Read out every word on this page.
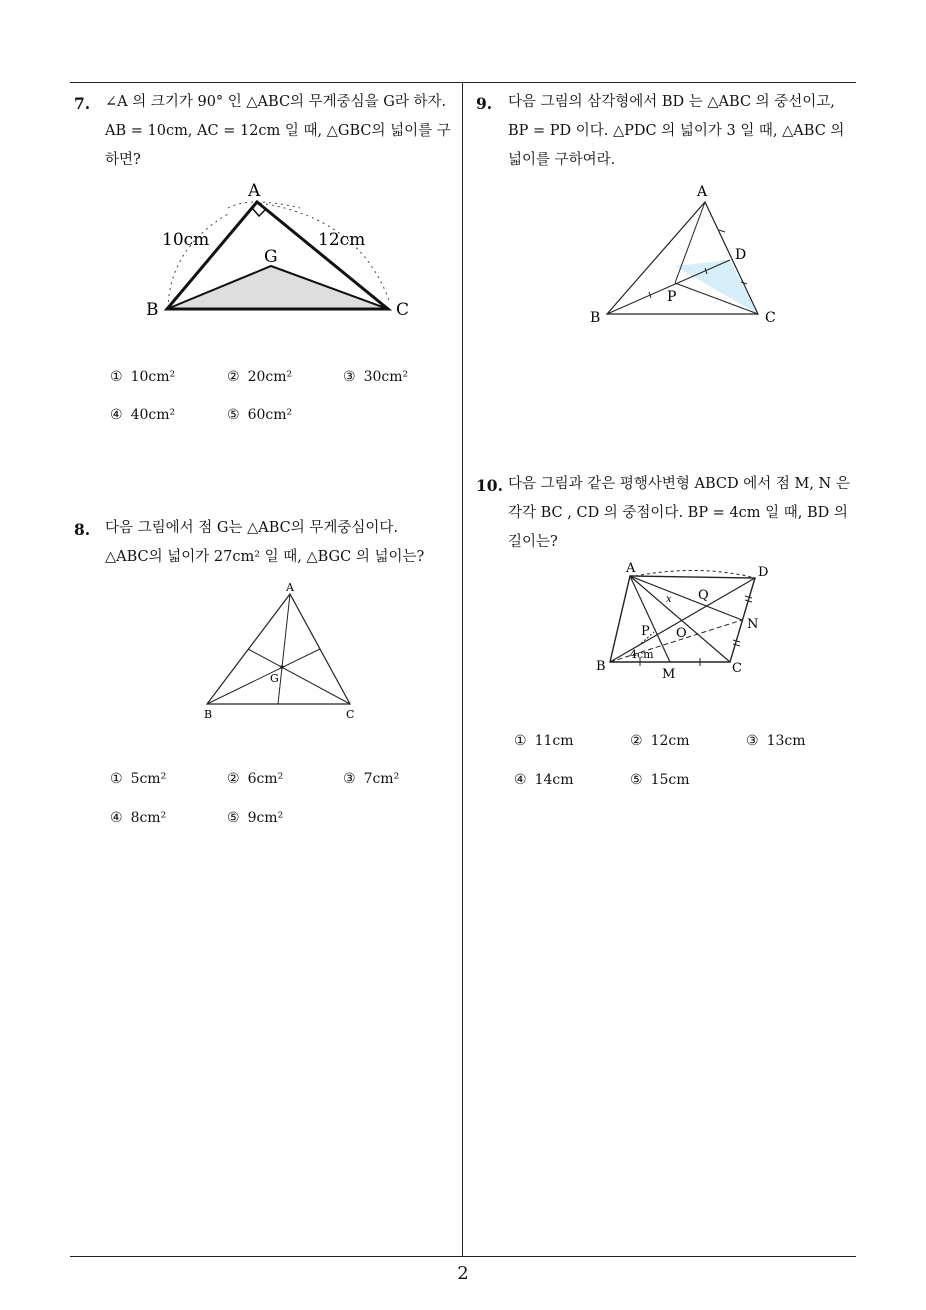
7. ∠A 의 크기가 90° 인 △ABC의 무게중심을 G라 하자.
AB = 10cm, AC = 12cm 일 때, △GBC의 넓이를 구
하면?
A
B	C
G
10cm	12cm
① 10cm²	② 20cm²	③ 30cm²
④ 40cm²	⑤ 60cm²
8. 다음 그림에서 점 G는 △ABC의 무게중심이다.
△ABC의 넓이가 27cm² 일 때, △BGC 의 넓이는?
A
B	C
G
① 5cm²	② 6cm²	③ 7cm²
④ 8cm²	⑤ 9cm²
9. 다음 그림의 삼각형에서 BD 는 △ABC 의 중선이고,
BP = PD 이다. △PDC 의 넓이가 3 일 때, △ABC 의
넓이를 구하여라.
A
B	C
D
P
10. 다음 그림과 같은 평행사변형 ABCD 에서 점 M, N 은
각각 BC , CD 의 중점이다. BP = 4cm 일 때, BD 의
길이는?
A
B	C
D
M
N
O
P
Q
x
4cm
① 11cm	② 12cm	③ 13cm
④ 14cm	⑤ 15cm
2
